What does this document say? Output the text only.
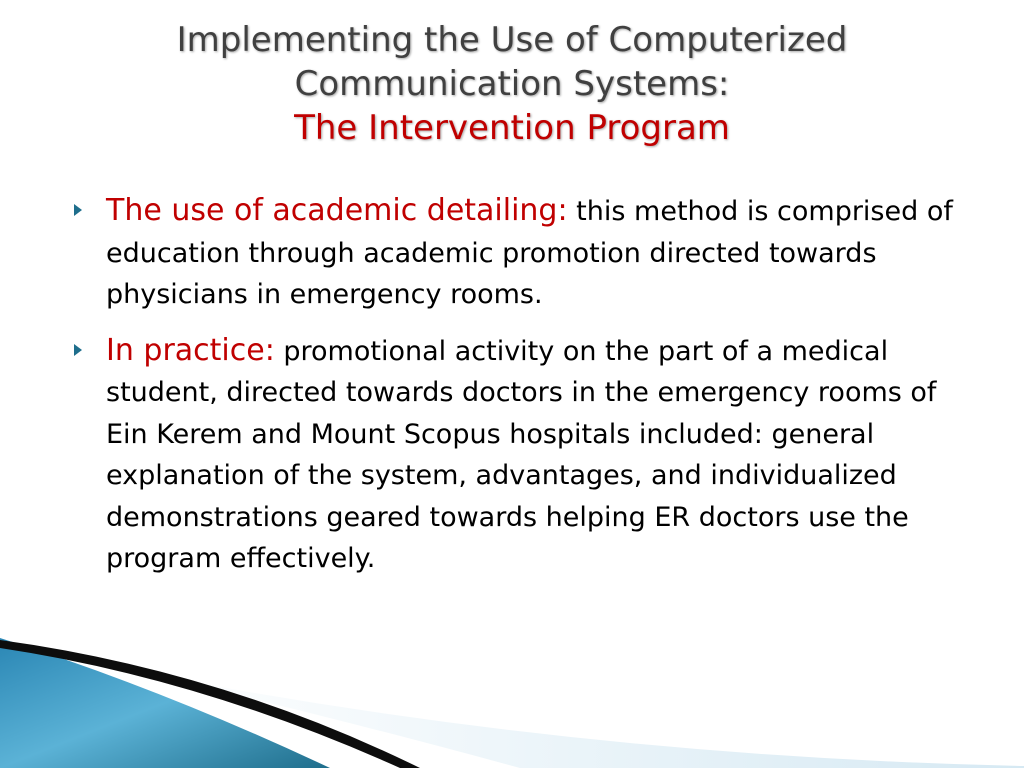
Implementing the Use of Computerized
Communication Systems:
The Intervention Program
The use of academic detailing: this method is comprised of education through academic promotion directed towards physicians in emergency rooms.
In practice: promotional activity on the part of a medical student, directed towards doctors in the emergency rooms of Ein Kerem and Mount Scopus hospitals included: general explanation of the system, advantages, and individualized demonstrations geared towards helping ER doctors use the program effectively.
